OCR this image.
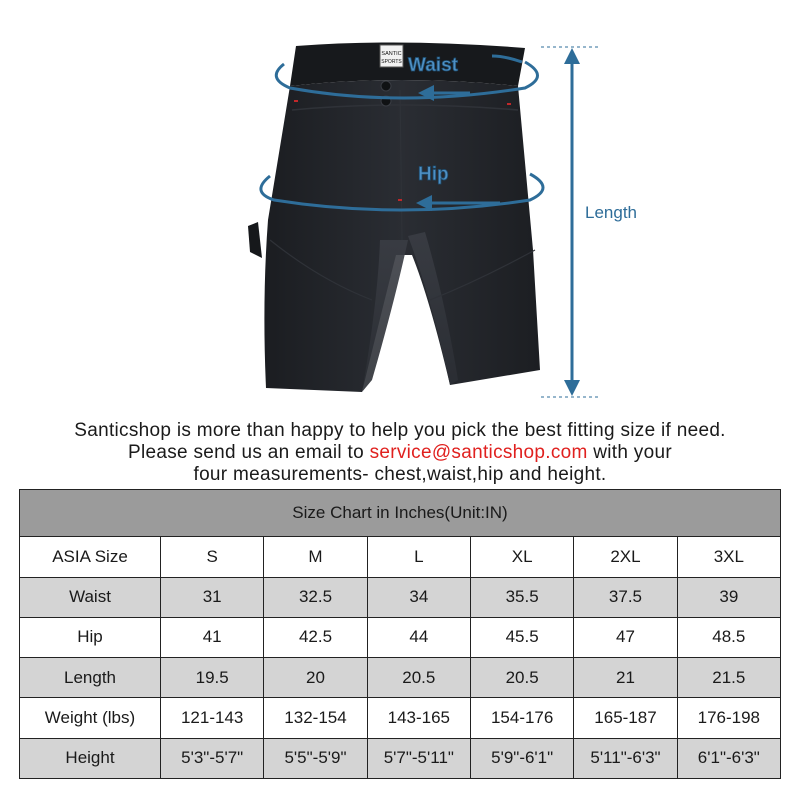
SANTIC
SPORTS Waist
Hip
Length
Santicshop is more than happy to help you pick the best fitting size if need.
Please send us an email to service@santicshop.com with your
four measurements- chest,waist,hip and height.
Size Chart in Inches(Unit:IN)						
ASIA Size	S	M	L	XL	2XL	3XL
Waist	31	32.5	34	35.5	37.5	39
Hip	41	42.5	44	45.5	47	48.5
Length	19.5	20	20.5	20.5	21	21.5
Weight (lbs)	121-143	132-154	143-165	154-176	165-187	176-198
Height	5'3"-5'7"	5'5"-5'9"	5'7"-5'11"	5'9"-6'1"	5'11"-6'3"	6'1"-6'3"
